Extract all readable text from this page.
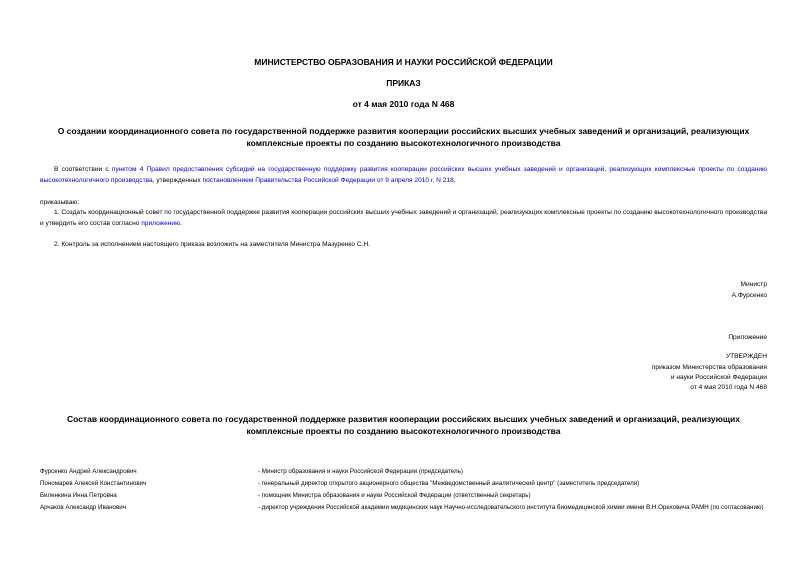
МИНИСТЕРСТВО ОБРАЗОВАНИЯ И НАУКИ РОССИЙСКОЙ ФЕДЕРАЦИИ
ПРИКАЗ
от 4 мая 2010 года N 468
О создании координационного совета по государственной поддержке развития кооперации российских высших учебных заведений и организаций, реализующих комплексные проекты по созданию высокотехнологичного производства
В соответствии с пунктом 4 Правил предоставления субсидий на государственную поддержку развития кооперации российских высших учебных заведений и организаций, реализующих комплексные проекты по созданию высокотехнологичного производства, утвержденных постановлением Правительства Российской Федерации от 9 апреля 2010 г. N 218,
приказываю:
1. Создать координационный совет по государственной поддержке развития кооперации российских высших учебных заведений и организаций, реализующих комплексные проекты по созданию высокотехнологичного производства и утвердить его состав согласно приложению.
2. Контроль за исполнением настоящего приказа возложить на заместителя Министра Мазуренко С.Н.
Министр
А.Фурсенко
Приложение
УТВЕРЖДЕН
приказом Министерства образования
и науки Российской Федерации
от 4 мая 2010 года N 468
Состав координационного совета по государственной поддержке развития кооперации российских высших учебных заведений и организаций, реализующих комплексные проекты по созданию высокотехнологичного производства
Фурсенко Андрей Александрович	- Министр образования и науки Российской Федерации (председатель)
Пономарев Алексей Константинович	- генеральный директор открытого акционерного общества "Межведомственный аналитический центр" (заместитель председателя)
Биленкина Инна Петровна	- помощник Министра образования и науки Российской Федерации (ответственный секретарь)
Арчаков Александр Иванович	- директор учреждения Российской академии медицинских наук Научно-исследовательского института биомедицинской химии имени В.Н.Ореховича РАМН (по согласованию)
